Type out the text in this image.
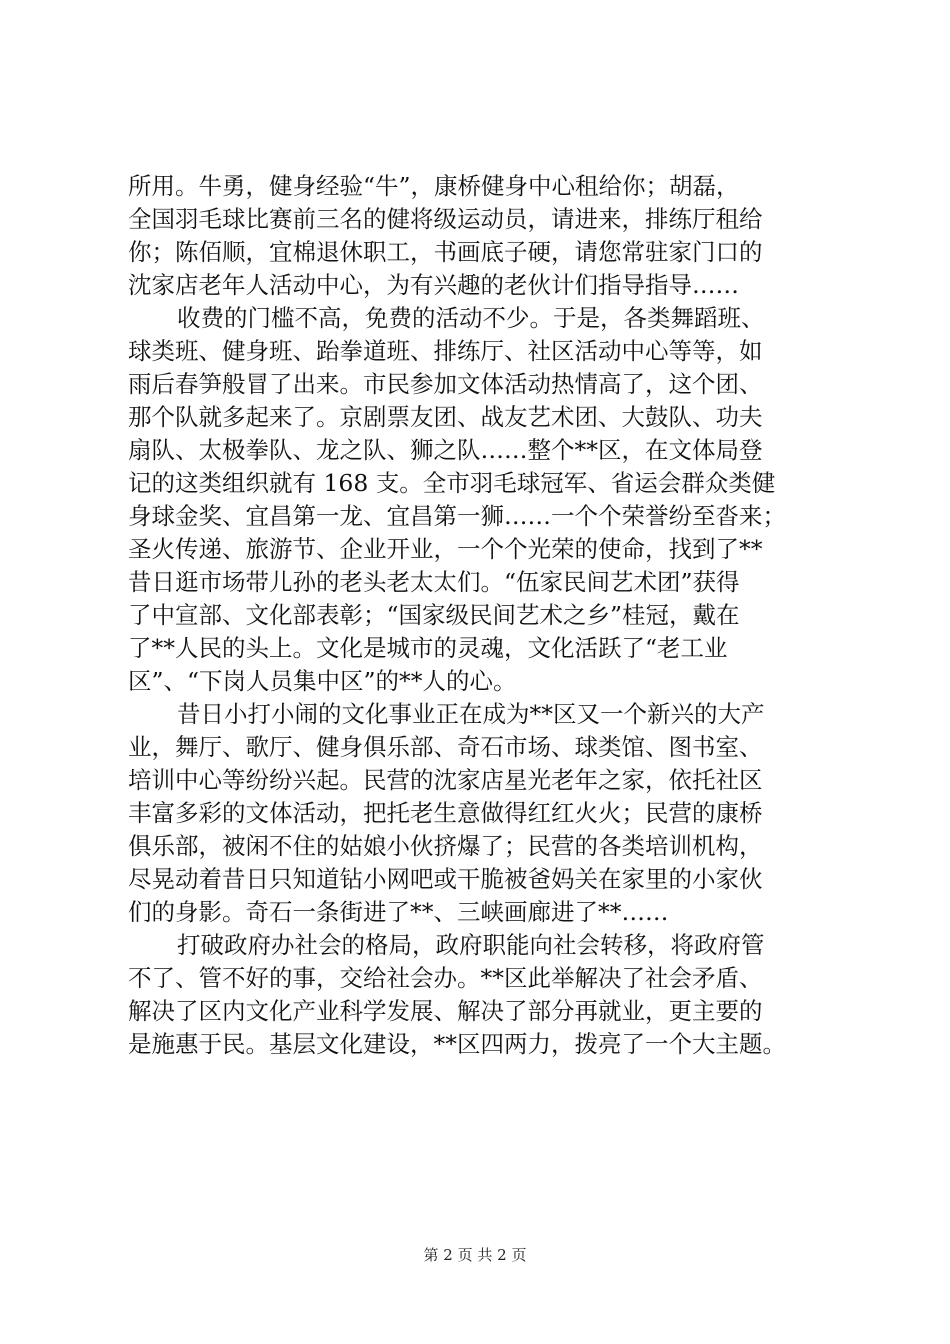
所用。牛勇，健身经验“牛”，康桥健身中心租给你；胡磊，
全国羽毛球比赛前三名的健将级运动员，请进来，排练厅租给
你；陈佰顺，宜棉退休职工，书画底子硬，请您常驻家门口的
沈家店老年人活动中心，为有兴趣的老伙计们指导指导……
收费的门槛不高，免费的活动不少。于是，各类舞蹈班、
球类班、健身班、跆拳道班、排练厅、社区活动中心等等，如
雨后春笋般冒了出来。市民参加文体活动热情高了，这个团、
那个队就多起来了。京剧票友团、战友艺术团、大鼓队、功夫
扇队、太极拳队、龙之队、狮之队……整个**区，在文体局登
记的这类组织就有 168 支。全市羽毛球冠军、省运会群众类健
身球金奖、宜昌第一龙、宜昌第一狮……一个个荣誉纷至沓来；
圣火传递、旅游节、企业开业，一个个光荣的使命，找到了**
昔日逛市场带儿孙的老头老太太们。“伍家民间艺术团”获得
了中宣部、文化部表彰；“国家级民间艺术之乡”桂冠，戴在
了**人民的头上。文化是城市的灵魂，文化活跃了“老工业
区”、“下岗人员集中区”的**人的心。
昔日小打小闹的文化事业正在成为**区又一个新兴的大产
业，舞厅、歌厅、健身俱乐部、奇石市场、球类馆、图书室、
培训中心等纷纷兴起。民营的沈家店星光老年之家，依托社区
丰富多彩的文体活动，把托老生意做得红红火火；民营的康桥
俱乐部，被闲不住的姑娘小伙挤爆了；民营的各类培训机构，
尽晃动着昔日只知道钻小网吧或干脆被爸妈关在家里的小家伙
们的身影。奇石一条街进了**、三峡画廊进了**……
打破政府办社会的格局，政府职能向社会转移，将政府管
不了、管不好的事，交给社会办。**区此举解决了社会矛盾、
解决了区内文化产业科学发展、解决了部分再就业，更主要的
是施惠于民。基层文化建设，**区四两力，拨亮了一个大主题。
第 2 页 共 2 页
